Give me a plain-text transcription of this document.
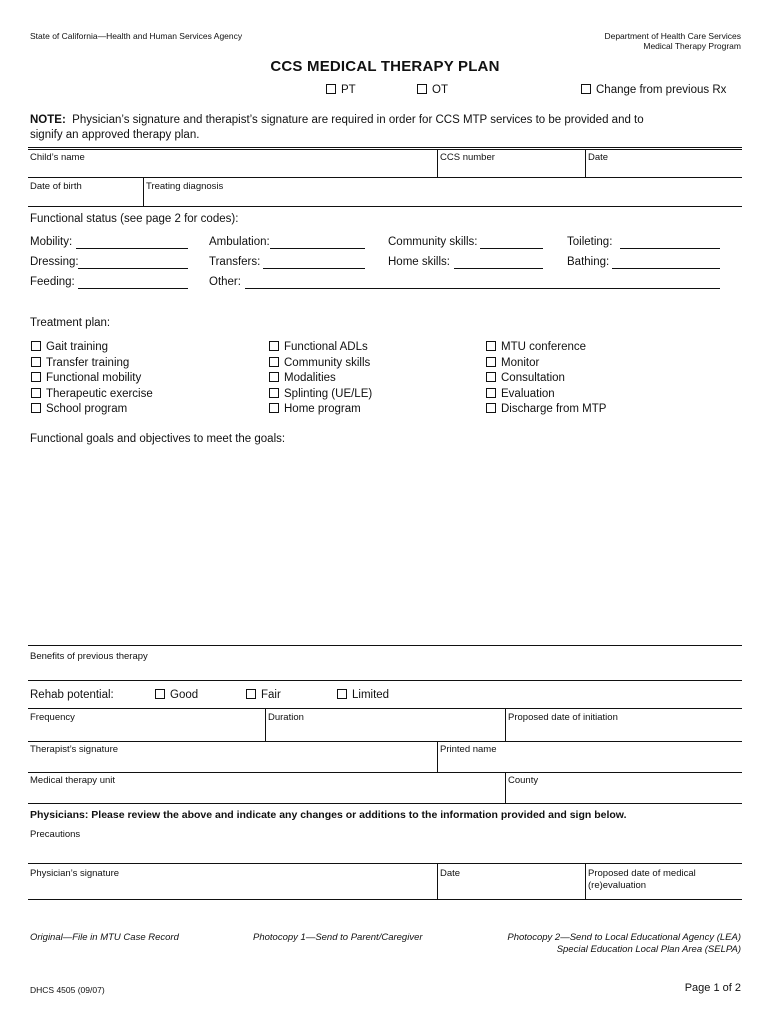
State of California—Health and Human Services Agency	Department of Health Care Services
Medical Therapy Program
CCS MEDICAL THERAPY PLAN
PT	OT	Change from previous Rx
NOTE: Physician’s signature and therapist’s signature are required in order for CCS MTP services to be provided and to
signify an approved therapy plan.
Child’s name	CCS number	Date
Date of birth	Treating diagnosis
Functional status (see page 2 for codes):
Mobility:	Ambulation:	Community skills:	Toileting:
Dressing:	Transfers:	Home skills:	Bathing:
Feeding:	Other:
Treatment plan:
Gait training
Transfer training
Functional mobility
Therapeutic exercise
School program
Functional ADLs
Community skills
Modalities
Splinting (UE/LE)
Home program
MTU conference
Monitor
Consultation
Evaluation
Discharge from MTP
Functional goals and objectives to meet the goals:
Benefits of previous therapy
Rehab potential:	Good	Fair	Limited
Frequency	Duration	Proposed date of initiation
Therapist’s signature	Printed name
Medical therapy unit	County
Physicians: Please review the above and indicate any changes or additions to the information provided and sign below.
Precautions
Physician’s signature	Date	Proposed date of medical
(re)evaluation
Original—File in MTU Case Record	Photocopy 1—Send to Parent/Caregiver	Photocopy 2—Send to Local Educational Agency (LEA)
Special Education Local Plan Area (SELPA)
DHCS 4505 (09/07)	Page 1 of 2
